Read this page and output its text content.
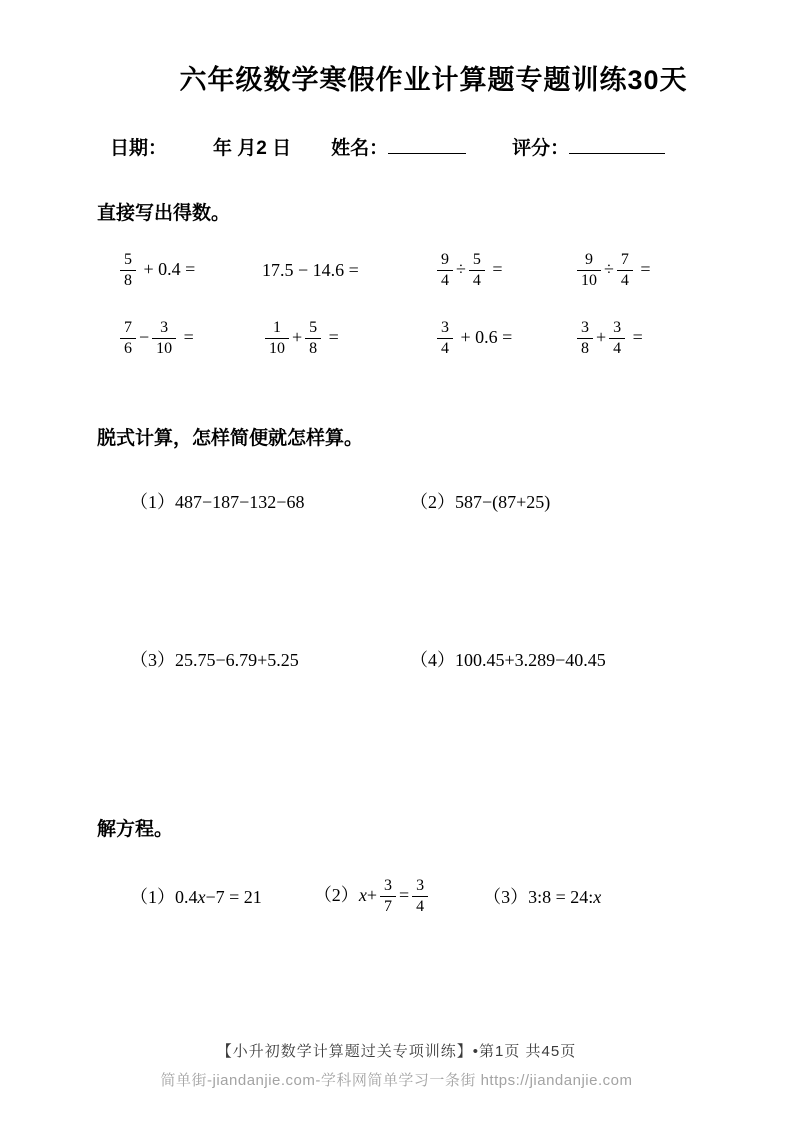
六年级数学寒假作业计算题专题训练30天
日期： 年 月2 日 姓名：	评分：
直接写出得数。
$\frac{5}{8} + 0.4$ =	17.5 − 14.6 =	$\frac{9}{4} \div \frac{5}{4}$ =	$\frac{9}{10} \div \frac{7}{4}$ =
$\frac{7}{6} - \frac{3}{10}$ =	$\frac{1}{10} + \frac{5}{8}$ =	$\frac{3}{4} + 0.6$ =	$\frac{3}{8} + \frac{3}{4}$ =
脱式计算，怎样简便就怎样算。
（1）487−187−132−68	（2）587−(87+25)
（3）25.75−6.79+5.25	（4）100.45+3.289−40.45
解方程。
（1）0.4x−7 = 21	$(2)x+ \frac{3}{7} = \frac{3}{4}$	（3）3:8 = 24:x
【小升初数学计算题过关专项训练】•第1页 共45页
简单街-jiandanjie.com-学科网简单学习一条街 https://jiandanjie.com
